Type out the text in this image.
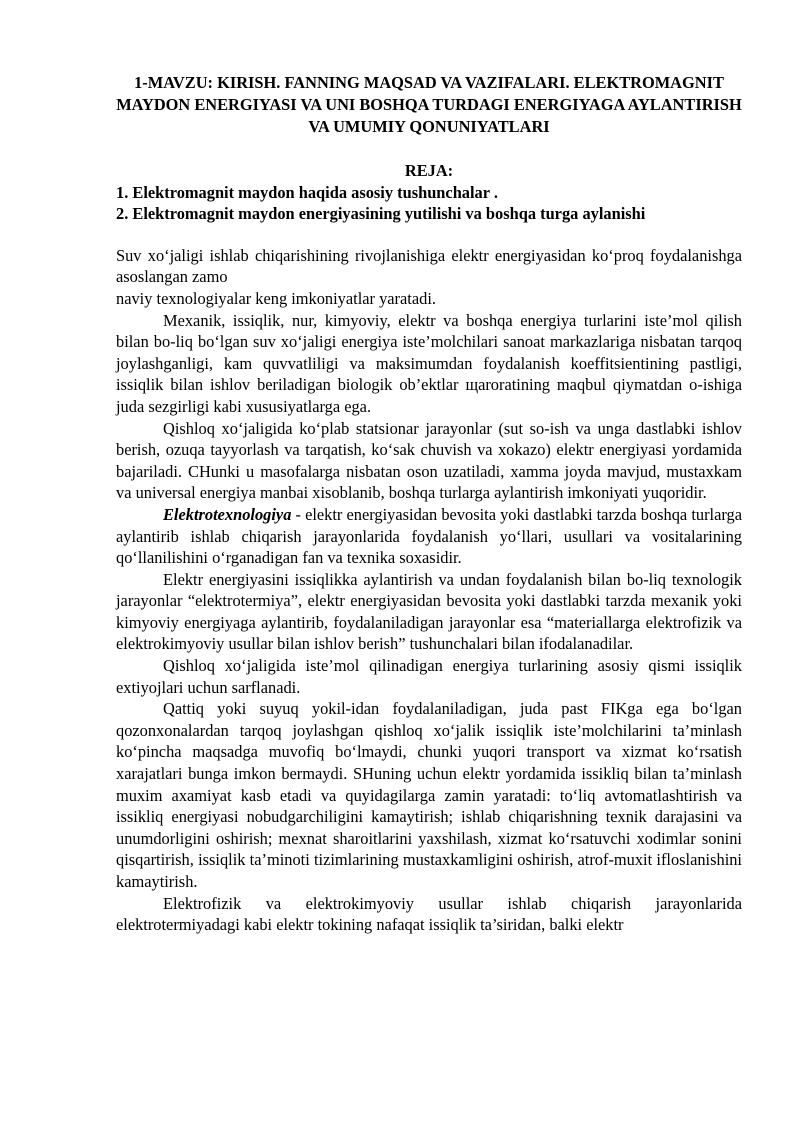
1-MAVZU: KIRISH. FANNING MAQSAD VA VAZIFALARI. ELEKTROMAGNIT MAYDON ENERGIYASI VA UNI BOSHQA TURDAGI ENERGIYAGA AYLANTIRISH VA UMUMIY QONUNIYATLARI
REJA:
1. Elektromagnit maydon haqida asosiy tushunchalar .
2. Elektromagnit maydon energiyasining yutilishi va boshqa turga aylanishi

Suv xo‘jaligi ishlab chiqarishining rivojlanishiga elektr energiyasidan ko‘proq foydalanishga asoslangan zamo
naviy texnologiyalar keng imkoniyatlar yaratadi.

Mexanik, issiqlik, nur, kimyoviy, elektr va boshqa energiya turlarini iste’mol qilish bilan bo-liq bo‘lgan suv xo‘jaligi energiya iste’molchilari sanoat markazlariga nisbatan tarqoq joylashganligi, kam quvvatliligi va maksimumdan foydalanish koeffitsientining pastligi, issiqlik bilan ishlov beriladigan biologik ob’ektlar щaroratining maqbul qiymatdan o-ishiga juda sezgirligi kabi xususiyatlarga ega.

Qishloq xo‘jaligida ko‘plab statsionar jarayonlar (sut so-ish va unga dastlabki ishlov berish, ozuqa tayyorlash va tarqatish, ko‘sak chuvish va xokazo) elektr energiyasi yordamida bajariladi. CHunki u masofalarga nisbatan oson uzatiladi, xamma joyda mavjud, mustaxkam va universal energiya manbai xisoblanib, boshqa turlarga aylantirish imkoniyati yuqoridir.

Elektrotexnologiya - elektr energiyasidan bevosita yoki dastlabki tarzda boshqa turlarga aylantirib ishlab chiqarish jarayonlarida foydalanish yo‘llari, usullari va vositalarining qo‘llanilishini o‘rganadigan fan va texnika soxasidir.

Elektr energiyasini issiqlikka aylantirish va undan foydalanish bilan bo-liq texnologik jarayonlar “elektrotermiya”, elektr energiyasidan bevosita yoki dastlabki tarzda mexanik yoki kimyoviy energiyaga aylantirib, foydalaniladigan jarayonlar esa “materiallarga elektrofizik va elektrokimyoviy usullar bilan ishlov berish” tushunchalari bilan ifodalanadilar.

Qishloq xo‘jaligida iste’mol qilinadigan energiya turlarining asosiy qismi issiqlik extiyojlari uchun sarflanadi.

Qattiq yoki suyuq yokil-idan foydalaniladigan, juda past FIKga ega bo‘lgan qozonxonalardan tarqoq joylashgan qishloq xo‘jalik issiqlik iste’molchilarini ta’minlash ko‘pincha maqsadga muvofiq bo‘lmaydi, chunki yuqori transport va xizmat ko‘rsatish xarajatlari bunga imkon bermaydi. SHuning uchun elektr yordamida issikliq bilan ta’minlash muxim axamiyat kasb etadi va quyidagilarga zamin yaratadi: to‘liq avtomatlashtirish va issikliq energiyasi nobudgarchiligini kamaytirish; ishlab chiqarishning texnik darajasini va unumdorligini oshirish; mexnat sharoitlarini yaxshilash, xizmat ko‘rsatuvchi xodimlar sonini qisqartirish, issiqlik ta’minoti tizimlarining mustaxkamligini oshirish, atrof-muxit ifloslanishini kamaytirish.

Elektrofizik va elektrokimyoviy usullar ishlab chiqarish jarayonlarida elektrotermiyadagi kabi elektr tokining nafaqat issiqlik ta’siridan, balki elektr
